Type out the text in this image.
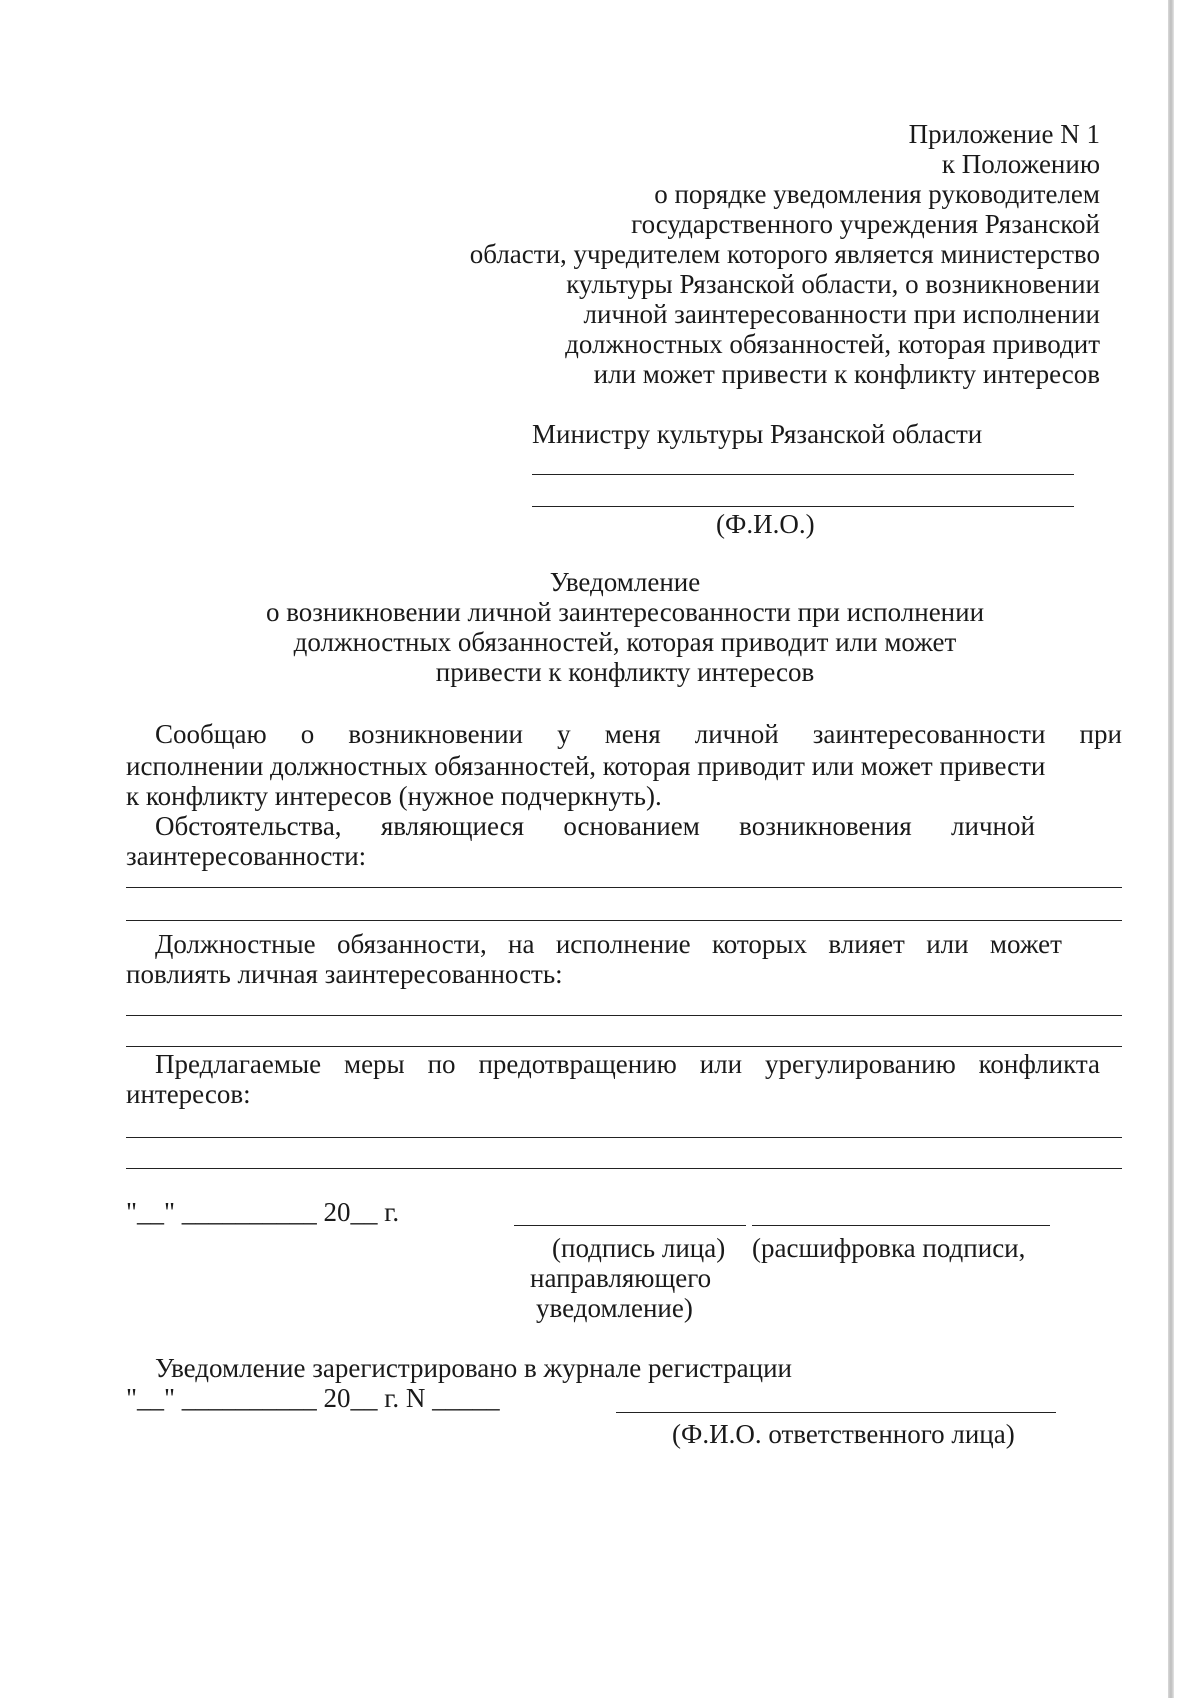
Приложение N 1
к Положению
о порядке уведомления руководителем
государственного учреждения Рязанской
области, учредителем которого является министерство
культуры Рязанской области, о возникновении
личной заинтересованности при исполнении
должностных обязанностей, которая приводит
или может привести к конфликту интересов
Министру культуры Рязанской области
(Ф.И.О.)
Уведомление
о возникновении личной заинтересованности при исполнении
должностных обязанностей, которая приводит или может
привести к конфликту интересов
Сообщаю о возникновении у меня личной заинтересованности при
исполнении должностных обязанностей, которая приводит или может привести
к конфликту интересов (нужное подчеркнуть).
Обстоятельства, являющиеся основанием возникновения личной
заинтересованности:
Должностные обязанности, на исполнение которых влияет или может
повлиять личная заинтересованность:
Предлагаемые меры по предотвращению или урегулированию конфликта
интересов:
"__" __________ 20__ г.
(подпись лица) (расшифровка подписи,
направляющего
уведомление)
Уведомление зарегистрировано в журнале регистрации
"__" __________ 20__ г. N _____
(Ф.И.О. ответственного лица)
